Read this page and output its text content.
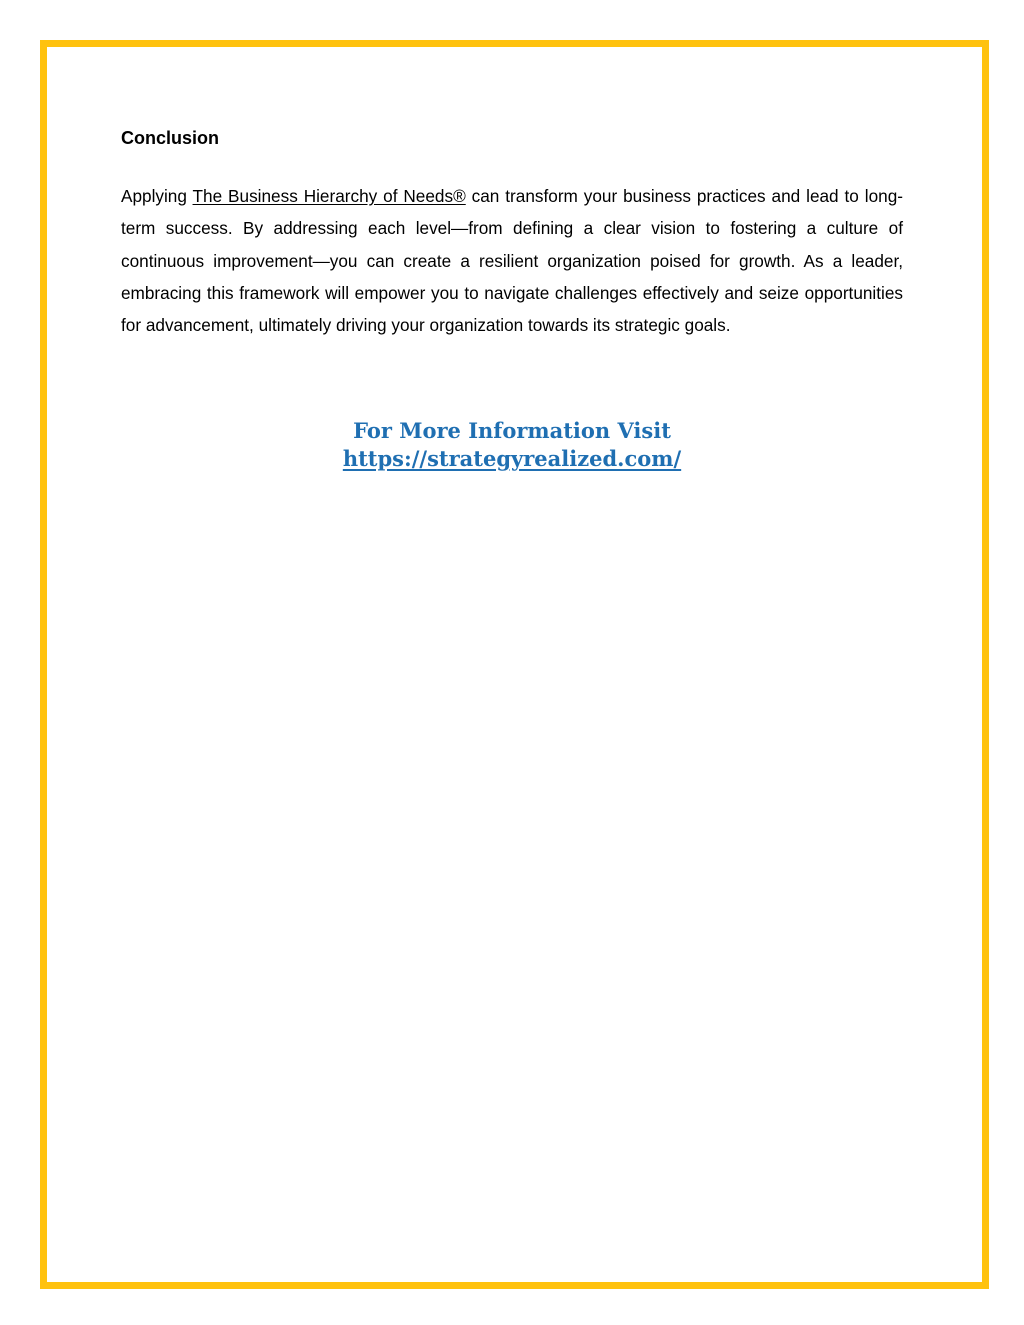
Conclusion

Applying The Business Hierarchy of Needs® can transform your business practices and lead to long-term success. By addressing each level—from defining a clear vision to fostering a culture of continuous improvement—you can create a resilient organization poised for growth. As a leader, embracing this framework will empower you to navigate challenges effectively and seize opportunities for advancement, ultimately driving your organization towards its strategic goals.

For More Information Visit
https://strategyrealized.com/
